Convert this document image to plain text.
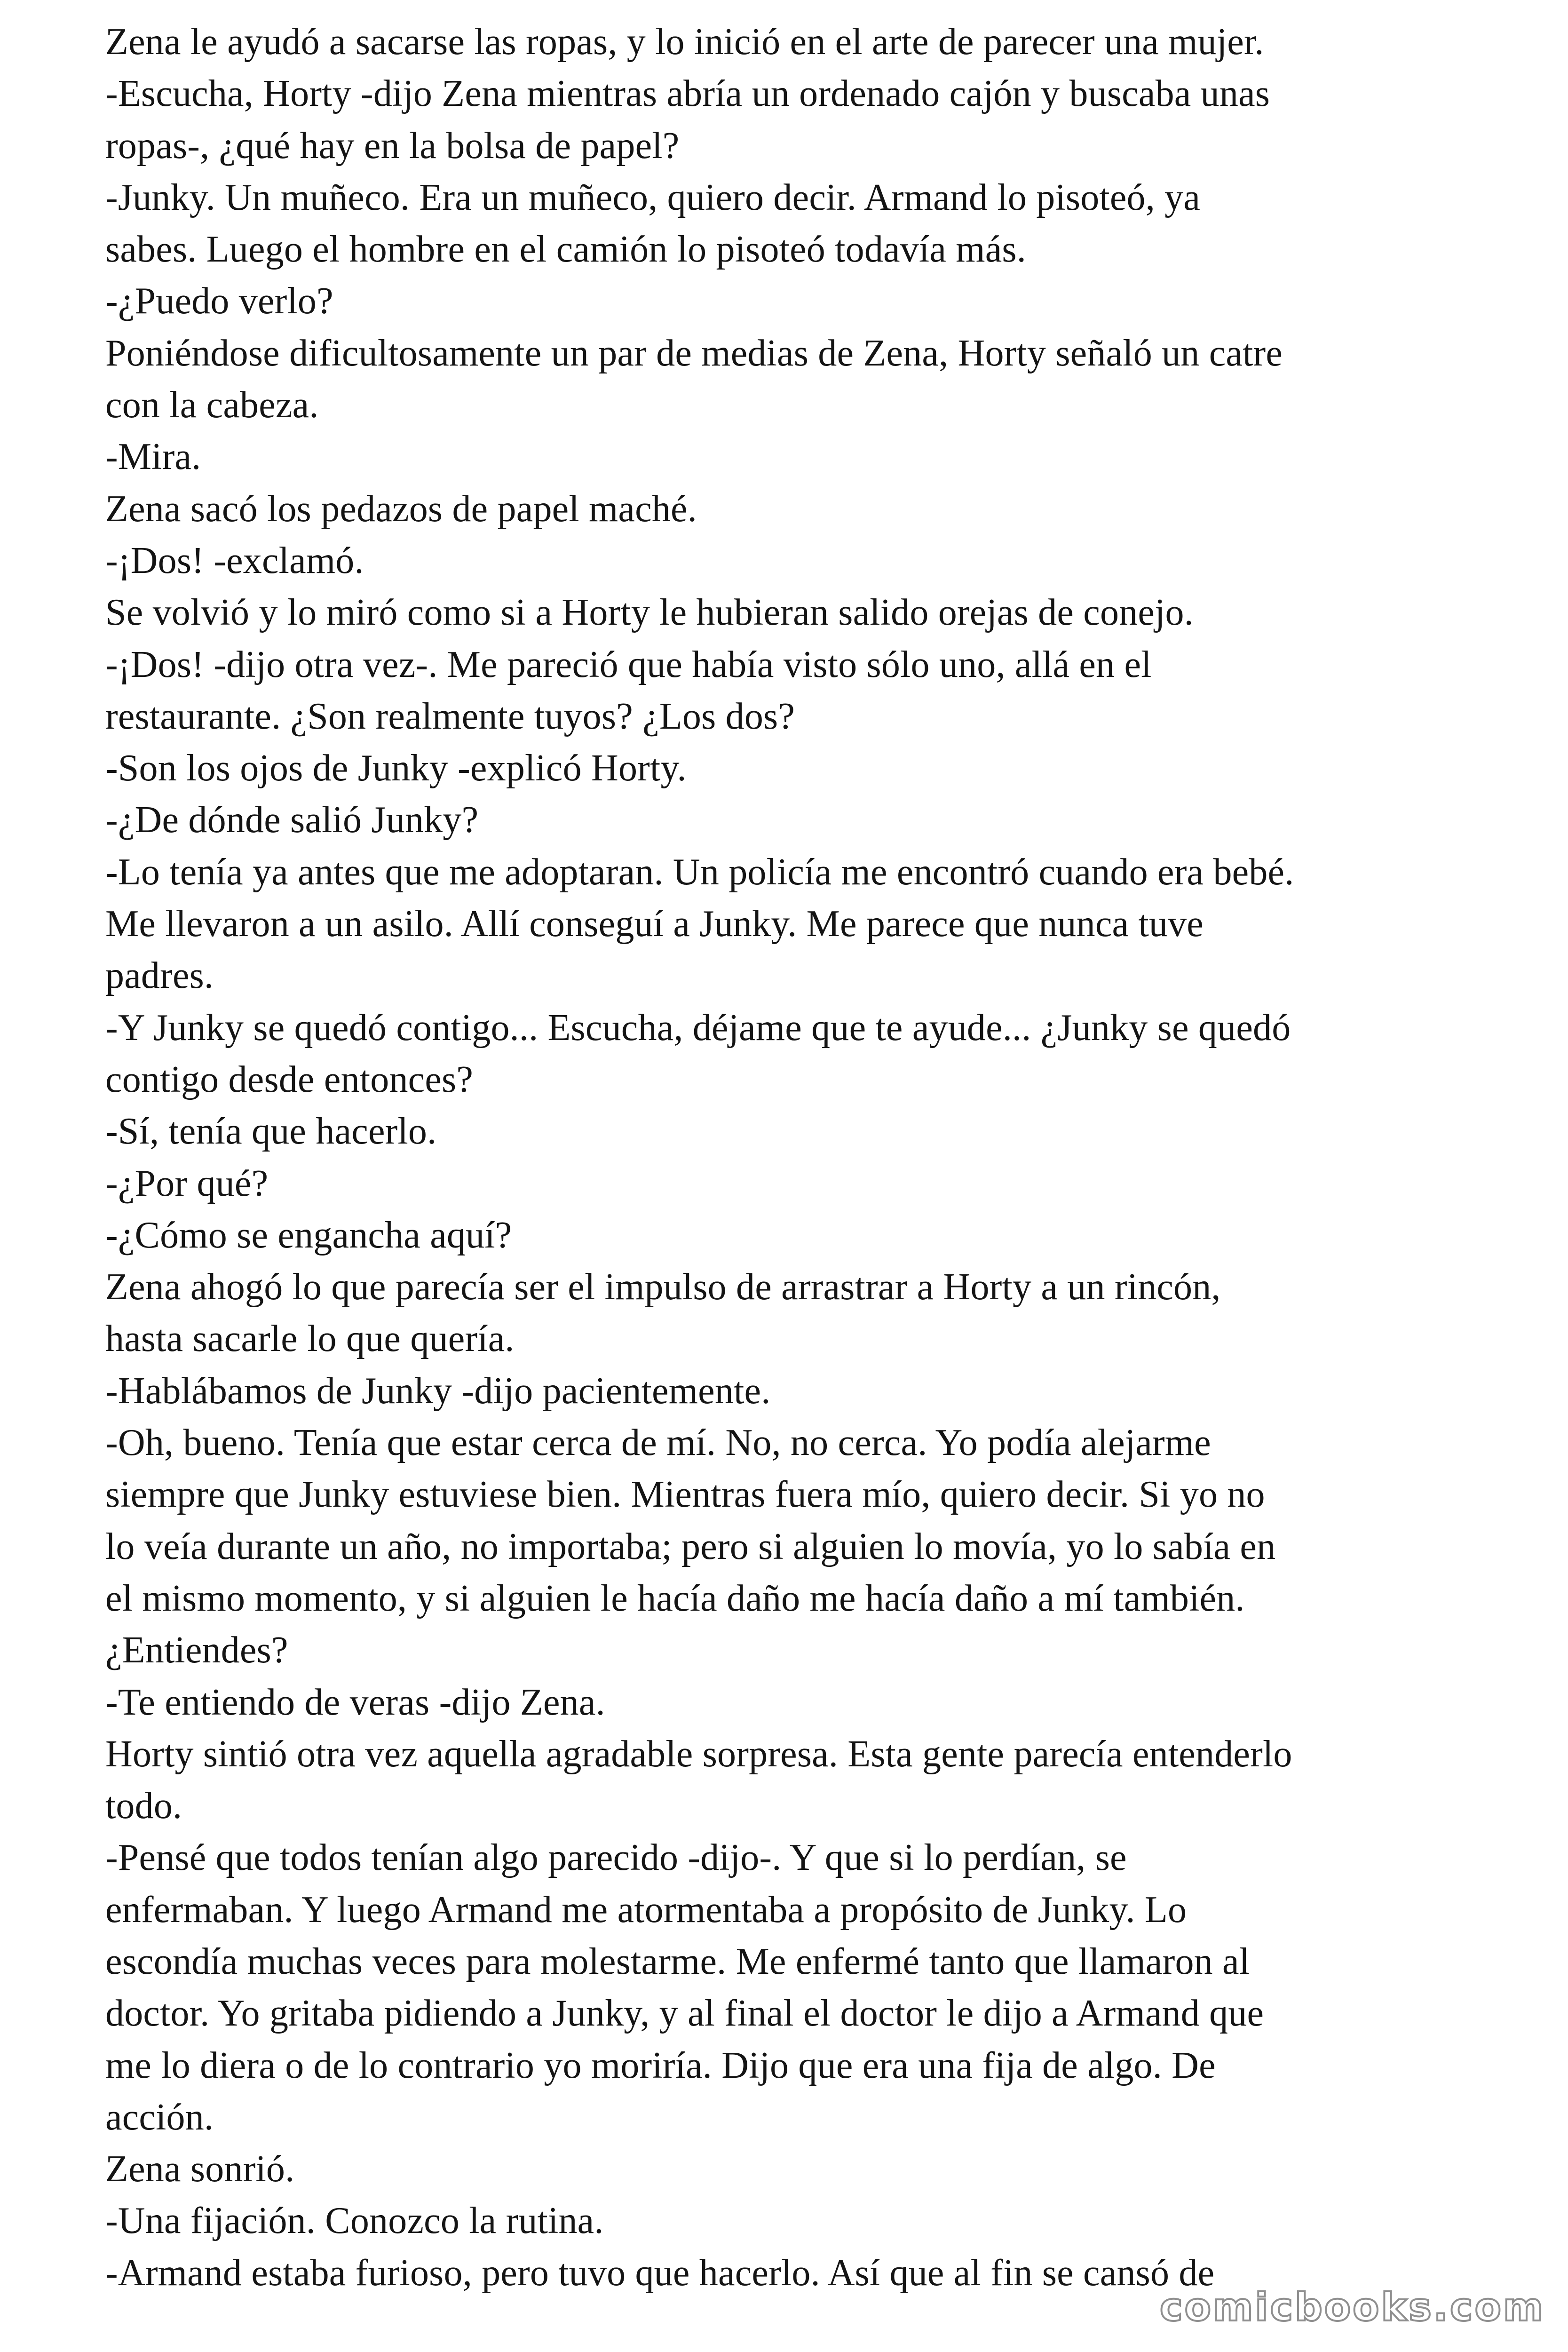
Zena le ayudó a sacarse las ropas, y lo inició en el arte de parecer una mujer.
-Escucha, Horty -dijo Zena mientras abría un ordenado cajón y buscaba unas
ropas-, ¿qué hay en la bolsa de papel?
-Junky. Un muñeco. Era un muñeco, quiero decir. Armand lo pisoteó, ya
sabes. Luego el hombre en el camión lo pisoteó todavía más.
-¿Puedo verlo?
Poniéndose dificultosamente un par de medias de Zena, Horty señaló un catre
con la cabeza.
-Mira.
Zena sacó los pedazos de papel maché.
-¡Dos! -exclamó.
Se volvió y lo miró como si a Horty le hubieran salido orejas de conejo.
-¡Dos! -dijo otra vez-. Me pareció que había visto sólo uno, allá en el
restaurante. ¿Son realmente tuyos? ¿Los dos?
-Son los ojos de Junky -explicó Horty.
-¿De dónde salió Junky?
-Lo tenía ya antes que me adoptaran. Un policía me encontró cuando era bebé.
Me llevaron a un asilo. Allí conseguí a Junky. Me parece que nunca tuve
padres.
-Y Junky se quedó contigo... Escucha, déjame que te ayude... ¿Junky se quedó
contigo desde entonces?
-Sí, tenía que hacerlo.
-¿Por qué?
-¿Cómo se engancha aquí?
Zena ahogó lo que parecía ser el impulso de arrastrar a Horty a un rincón,
hasta sacarle lo que quería.
-Hablábamos de Junky -dijo pacientemente.
-Oh, bueno. Tenía que estar cerca de mí. No, no cerca. Yo podía alejarme
siempre que Junky estuviese bien. Mientras fuera mío, quiero decir. Si yo no
lo veía durante un año, no importaba; pero si alguien lo movía, yo lo sabía en
el mismo momento, y si alguien le hacía daño me hacía daño a mí también.
¿Entiendes?
-Te entiendo de veras -dijo Zena.
Horty sintió otra vez aquella agradable sorpresa. Esta gente parecía entenderlo
todo.
-Pensé que todos tenían algo parecido -dijo-. Y que si lo perdían, se
enfermaban. Y luego Armand me atormentaba a propósito de Junky. Lo
escondía muchas veces para molestarme. Me enfermé tanto que llamaron al
doctor. Yo gritaba pidiendo a Junky, y al final el doctor le dijo a Armand que
me lo diera o de lo contrario yo moriría. Dijo que era una fija de algo. De
acción.
Zena sonrió.
-Una fijación. Conozco la rutina.
-Armand estaba furioso, pero tuvo que hacerlo. Así que al fin se cansó de
comicbooks.com
